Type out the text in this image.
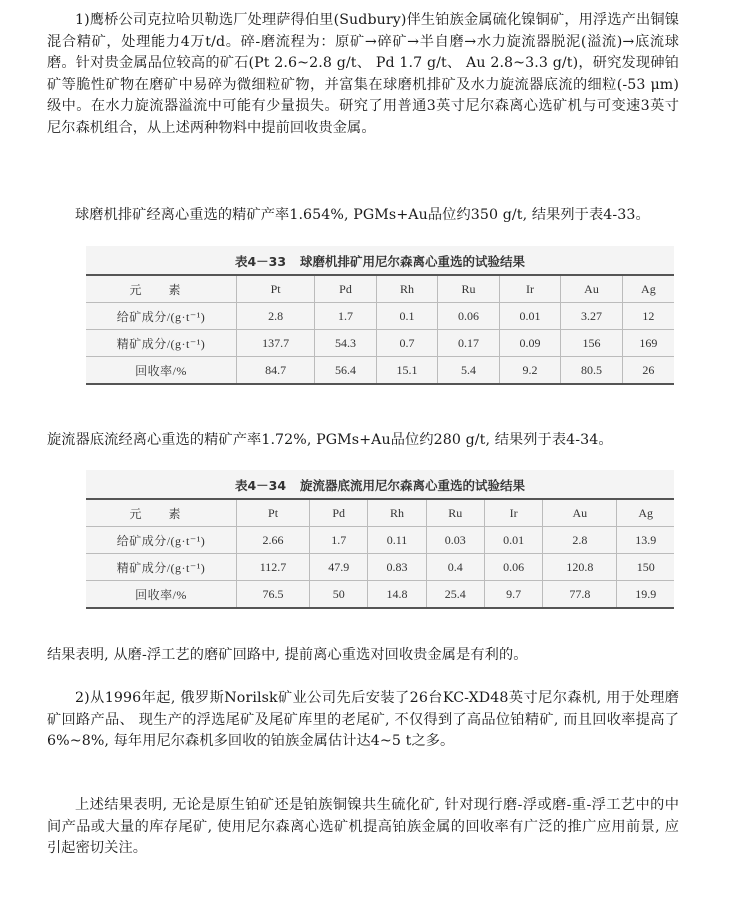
1)鹰桥公司克拉哈贝勒选厂处理萨得伯里(Sudbury)伴生铂族金属硫化镍铜矿，用浮选产出铜镍混合精矿，处理能力4万t/d。碎-磨流程为：原矿→碎矿→半自磨→水力旋流器脱泥(溢流)→底流球磨。针对贵金属品位较高的矿石(Pt 2.6~2.8 g/t、 Pd 1.7 g/t、 Au 2.8~3.3 g/t)，研究发现砷铂矿等脆性矿物在磨矿中易碎为微细粒矿物，并富集在球磨机排矿及水力旋流器底流的细粒(-53 μm)级中。在水力旋流器溢流中可能有少量损失。研究了用普通3英寸尼尔森离心选矿机与可变速3英寸尼尔森机组合，从上述两种物料中提前回收贵金属。

球磨机排矿经离心重选的精矿产率1.654%, PGMs+Au品位约350 g/t, 结果列于表4-33。

表4－33 球磨机排矿用尼尔森离心重选的试验结果
元 素	Pt	Pd	Rh	Ru	Ir	Au	Ag
给矿成分/(g·t⁻¹)	2.8	1.7	0.1	0.06	0.01	3.27	12
精矿成分/(g·t⁻¹)	137.7	54.3	0.7	0.17	0.09	156	169
回收率/%	84.7	56.4	15.1	5.4	9.2	80.5	26

旋流器底流经离心重选的精矿产率1.72%, PGMs+Au品位约280 g/t, 结果列于表4-34。

表4－34 旋流器底流用尼尔森离心重选的试验结果
元 素	Pt	Pd	Rh	Ru	Ir	Au	Ag
给矿成分/(g·t⁻¹)	2.66	1.7	0.11	0.03	0.01	2.8	13.9
精矿成分/(g·t⁻¹)	112.7	47.9	0.83	0.4	0.06	120.8	150
回收率/%	76.5	50	14.8	25.4	9.7	77.8	19.9

结果表明, 从磨-浮工艺的磨矿回路中, 提前离心重选对回收贵金属是有利的。

2)从1996年起, 俄罗斯Norilsk矿业公司先后安装了26台KC-XD48英寸尼尔森机, 用于处理磨矿回路产品、 现生产的浮选尾矿及尾矿库里的老尾矿, 不仅得到了高品位铂精矿, 而且回收率提高了6%~8%, 每年用尼尔森机多回收的铂族金属估计达4~5 t之多。

上述结果表明, 无论是原生铂矿还是铂族铜镍共生硫化矿, 针对现行磨-浮或磨-重-浮工艺中的中间产品或大量的库存尾矿, 使用尼尔森离心选矿机提高铂族金属的回收率有广泛的推广应用前景, 应引起密切关注。
